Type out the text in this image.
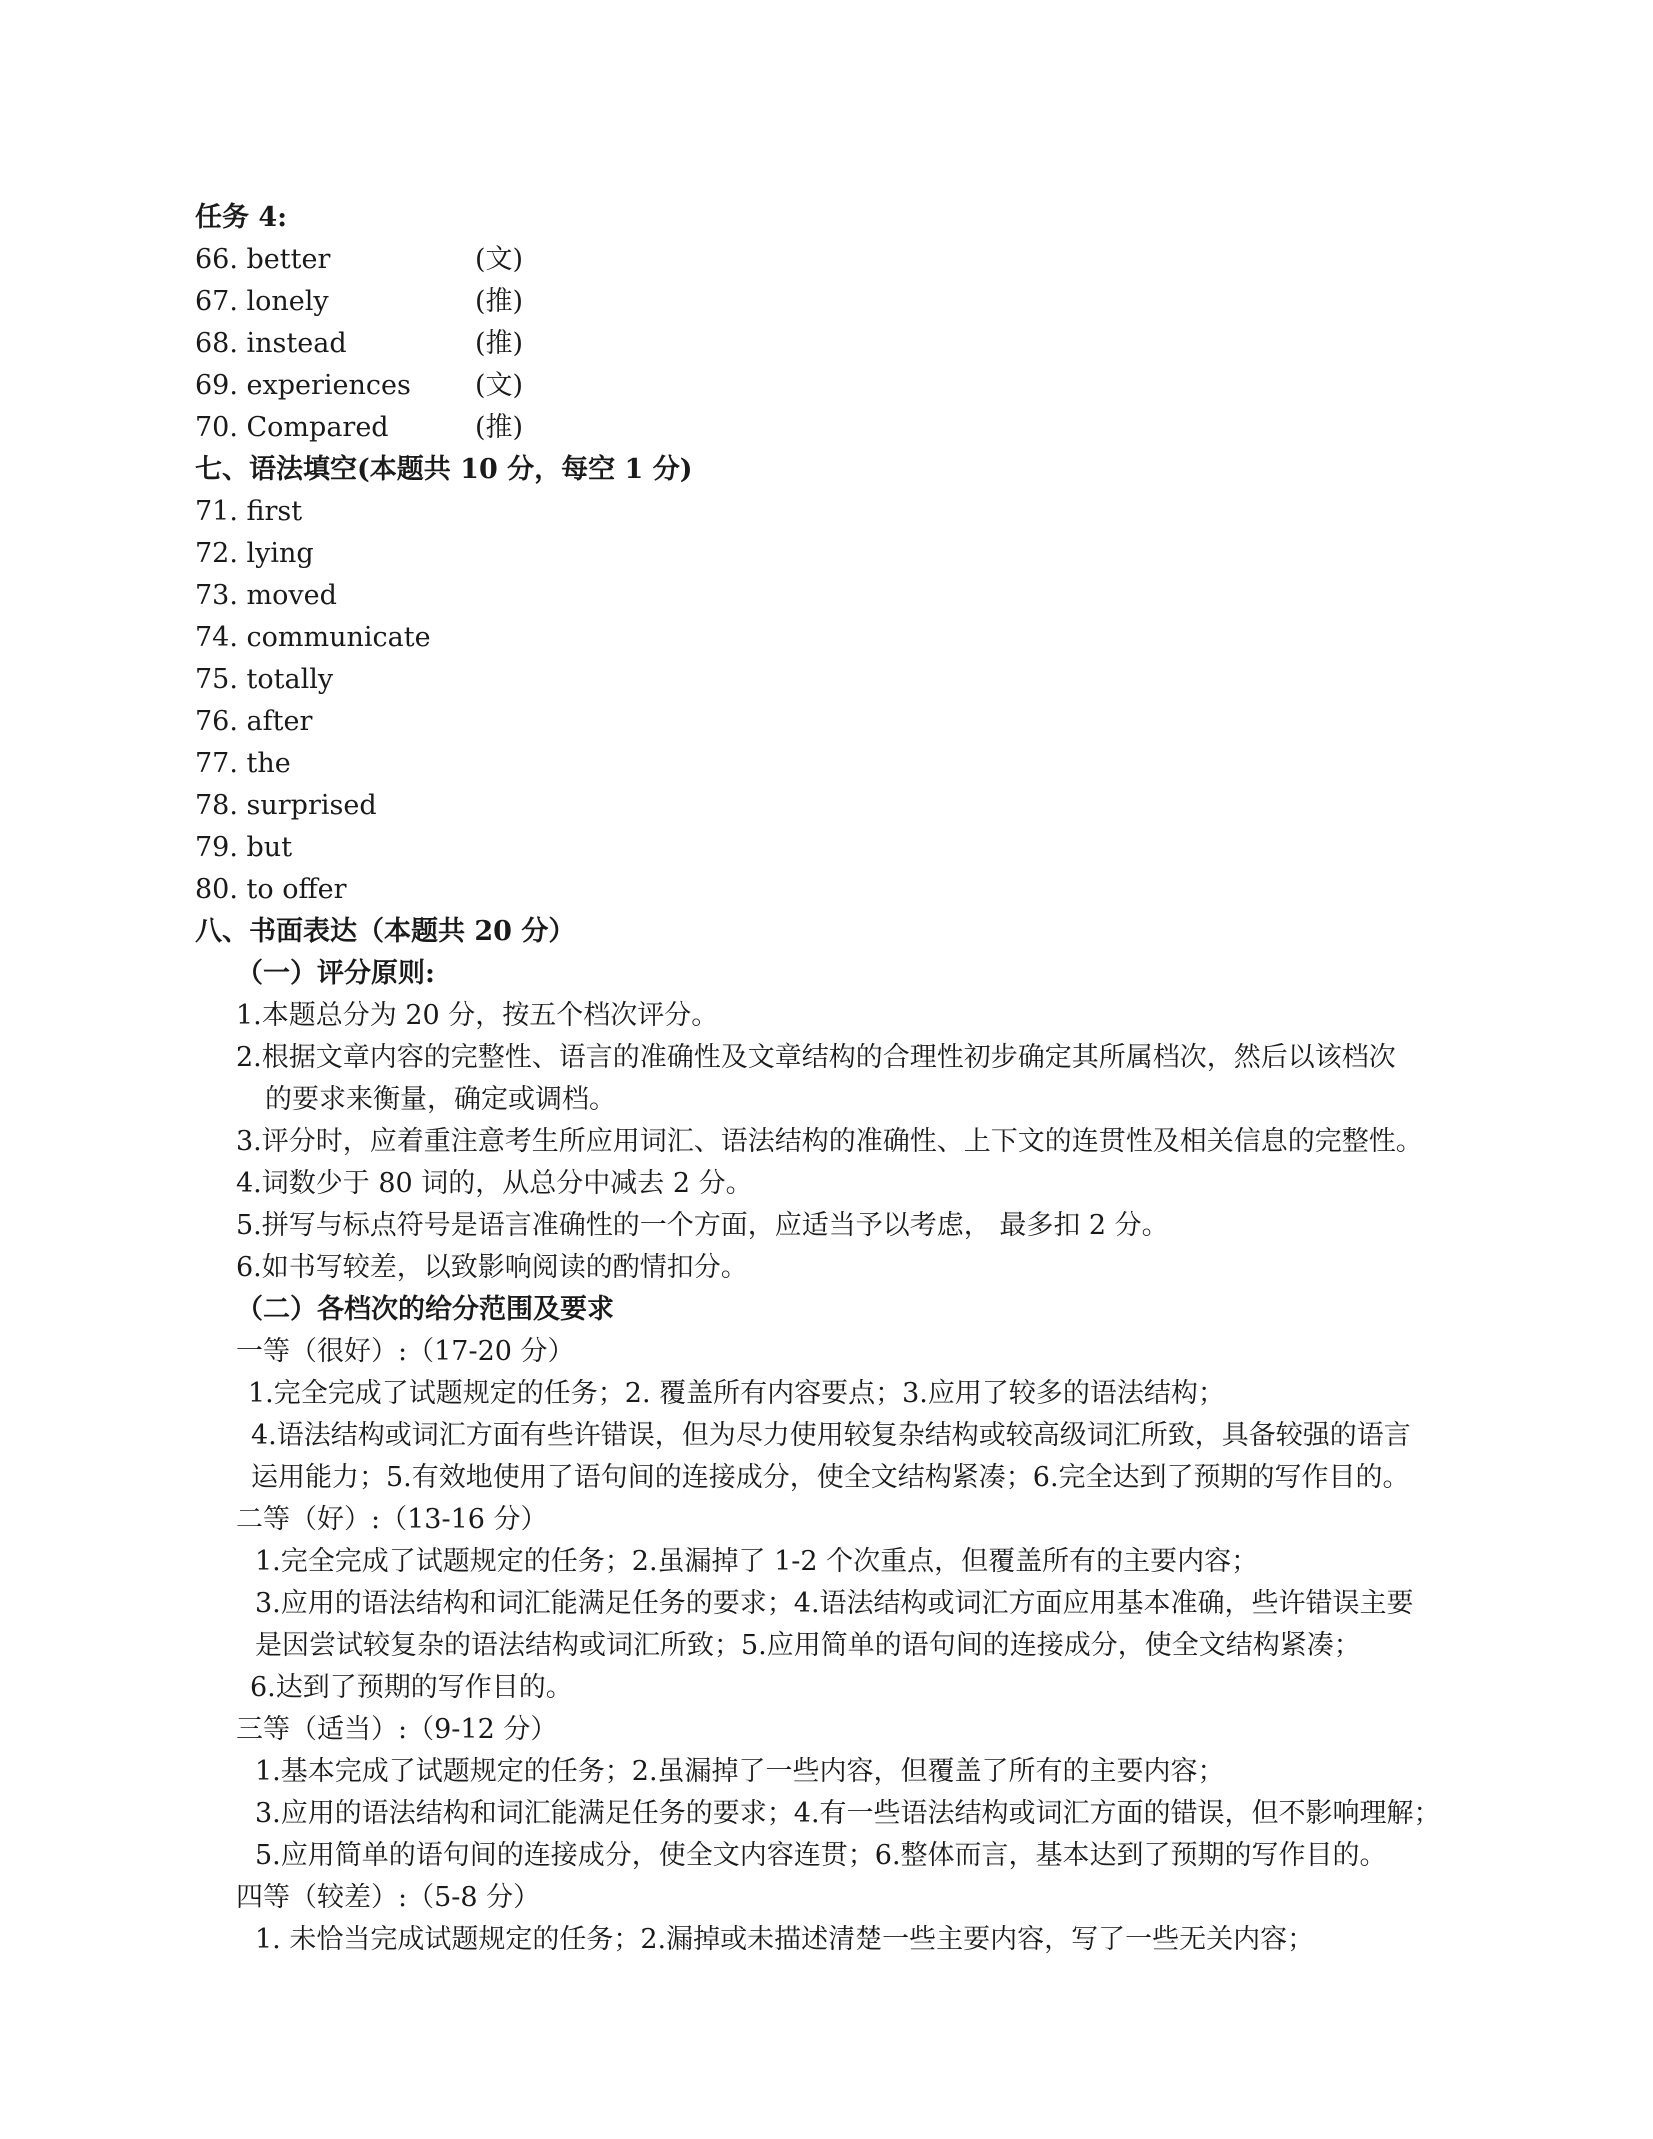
任务 4:
66. better	(文)
67. lonely	(推)
68. instead	(推)
69. experiences	(文)
70. Compared	(推)
七、语法填空(本题共 10 分，每空 1 分)
71. first
72. lying
73. moved
74. communicate
75. totally
76. after
77. the
78. surprised
79. but
80. to offer
八、书面表达（本题共 20 分）
（一）评分原则:
1.本题总分为 20 分，按五个档次评分。
2.根据文章内容的完整性、语言的准确性及文章结构的合理性初步确定其所属档次，然后以该档次
的要求来衡量，确定或调档。
3.评分时，应着重注意考生所应用词汇、语法结构的准确性、上下文的连贯性及相关信息的完整性。
4.词数少于 80 词的，从总分中减去 2 分。
5.拼写与标点符号是语言准确性的一个方面，应适当予以考虑， 最多扣 2 分。
6.如书写较差，以致影响阅读的酌情扣分。
（二）各档次的给分范围及要求
一等（很好）:（17-20 分）
1.完全完成了试题规定的任务；2. 覆盖所有内容要点；3.应用了较多的语法结构；
4.语法结构或词汇方面有些许错误，但为尽力使用较复杂结构或较高级词汇所致，具备较强的语言
运用能力；5.有效地使用了语句间的连接成分，使全文结构紧凑；6.完全达到了预期的写作目的。
二等（好）:（13-16 分）
1.完全完成了试题规定的任务；2.虽漏掉了 1-2 个次重点，但覆盖所有的主要内容；
3.应用的语法结构和词汇能满足任务的要求；4.语法结构或词汇方面应用基本准确，些许错误主要
是因尝试较复杂的语法结构或词汇所致；5.应用简单的语句间的连接成分，使全文结构紧凑；
6.达到了预期的写作目的。
三等（适当）:（9-12 分）
1.基本完成了试题规定的任务；2.虽漏掉了一些内容，但覆盖了所有的主要内容；
3.应用的语法结构和词汇能满足任务的要求；4.有一些语法结构或词汇方面的错误，但不影响理解；
5.应用简单的语句间的连接成分，使全文内容连贯；6.整体而言，基本达到了预期的写作目的。
四等（较差）:（5-8 分）
1. 未恰当完成试题规定的任务；2.漏掉或未描述清楚一些主要内容，写了一些无关内容；
